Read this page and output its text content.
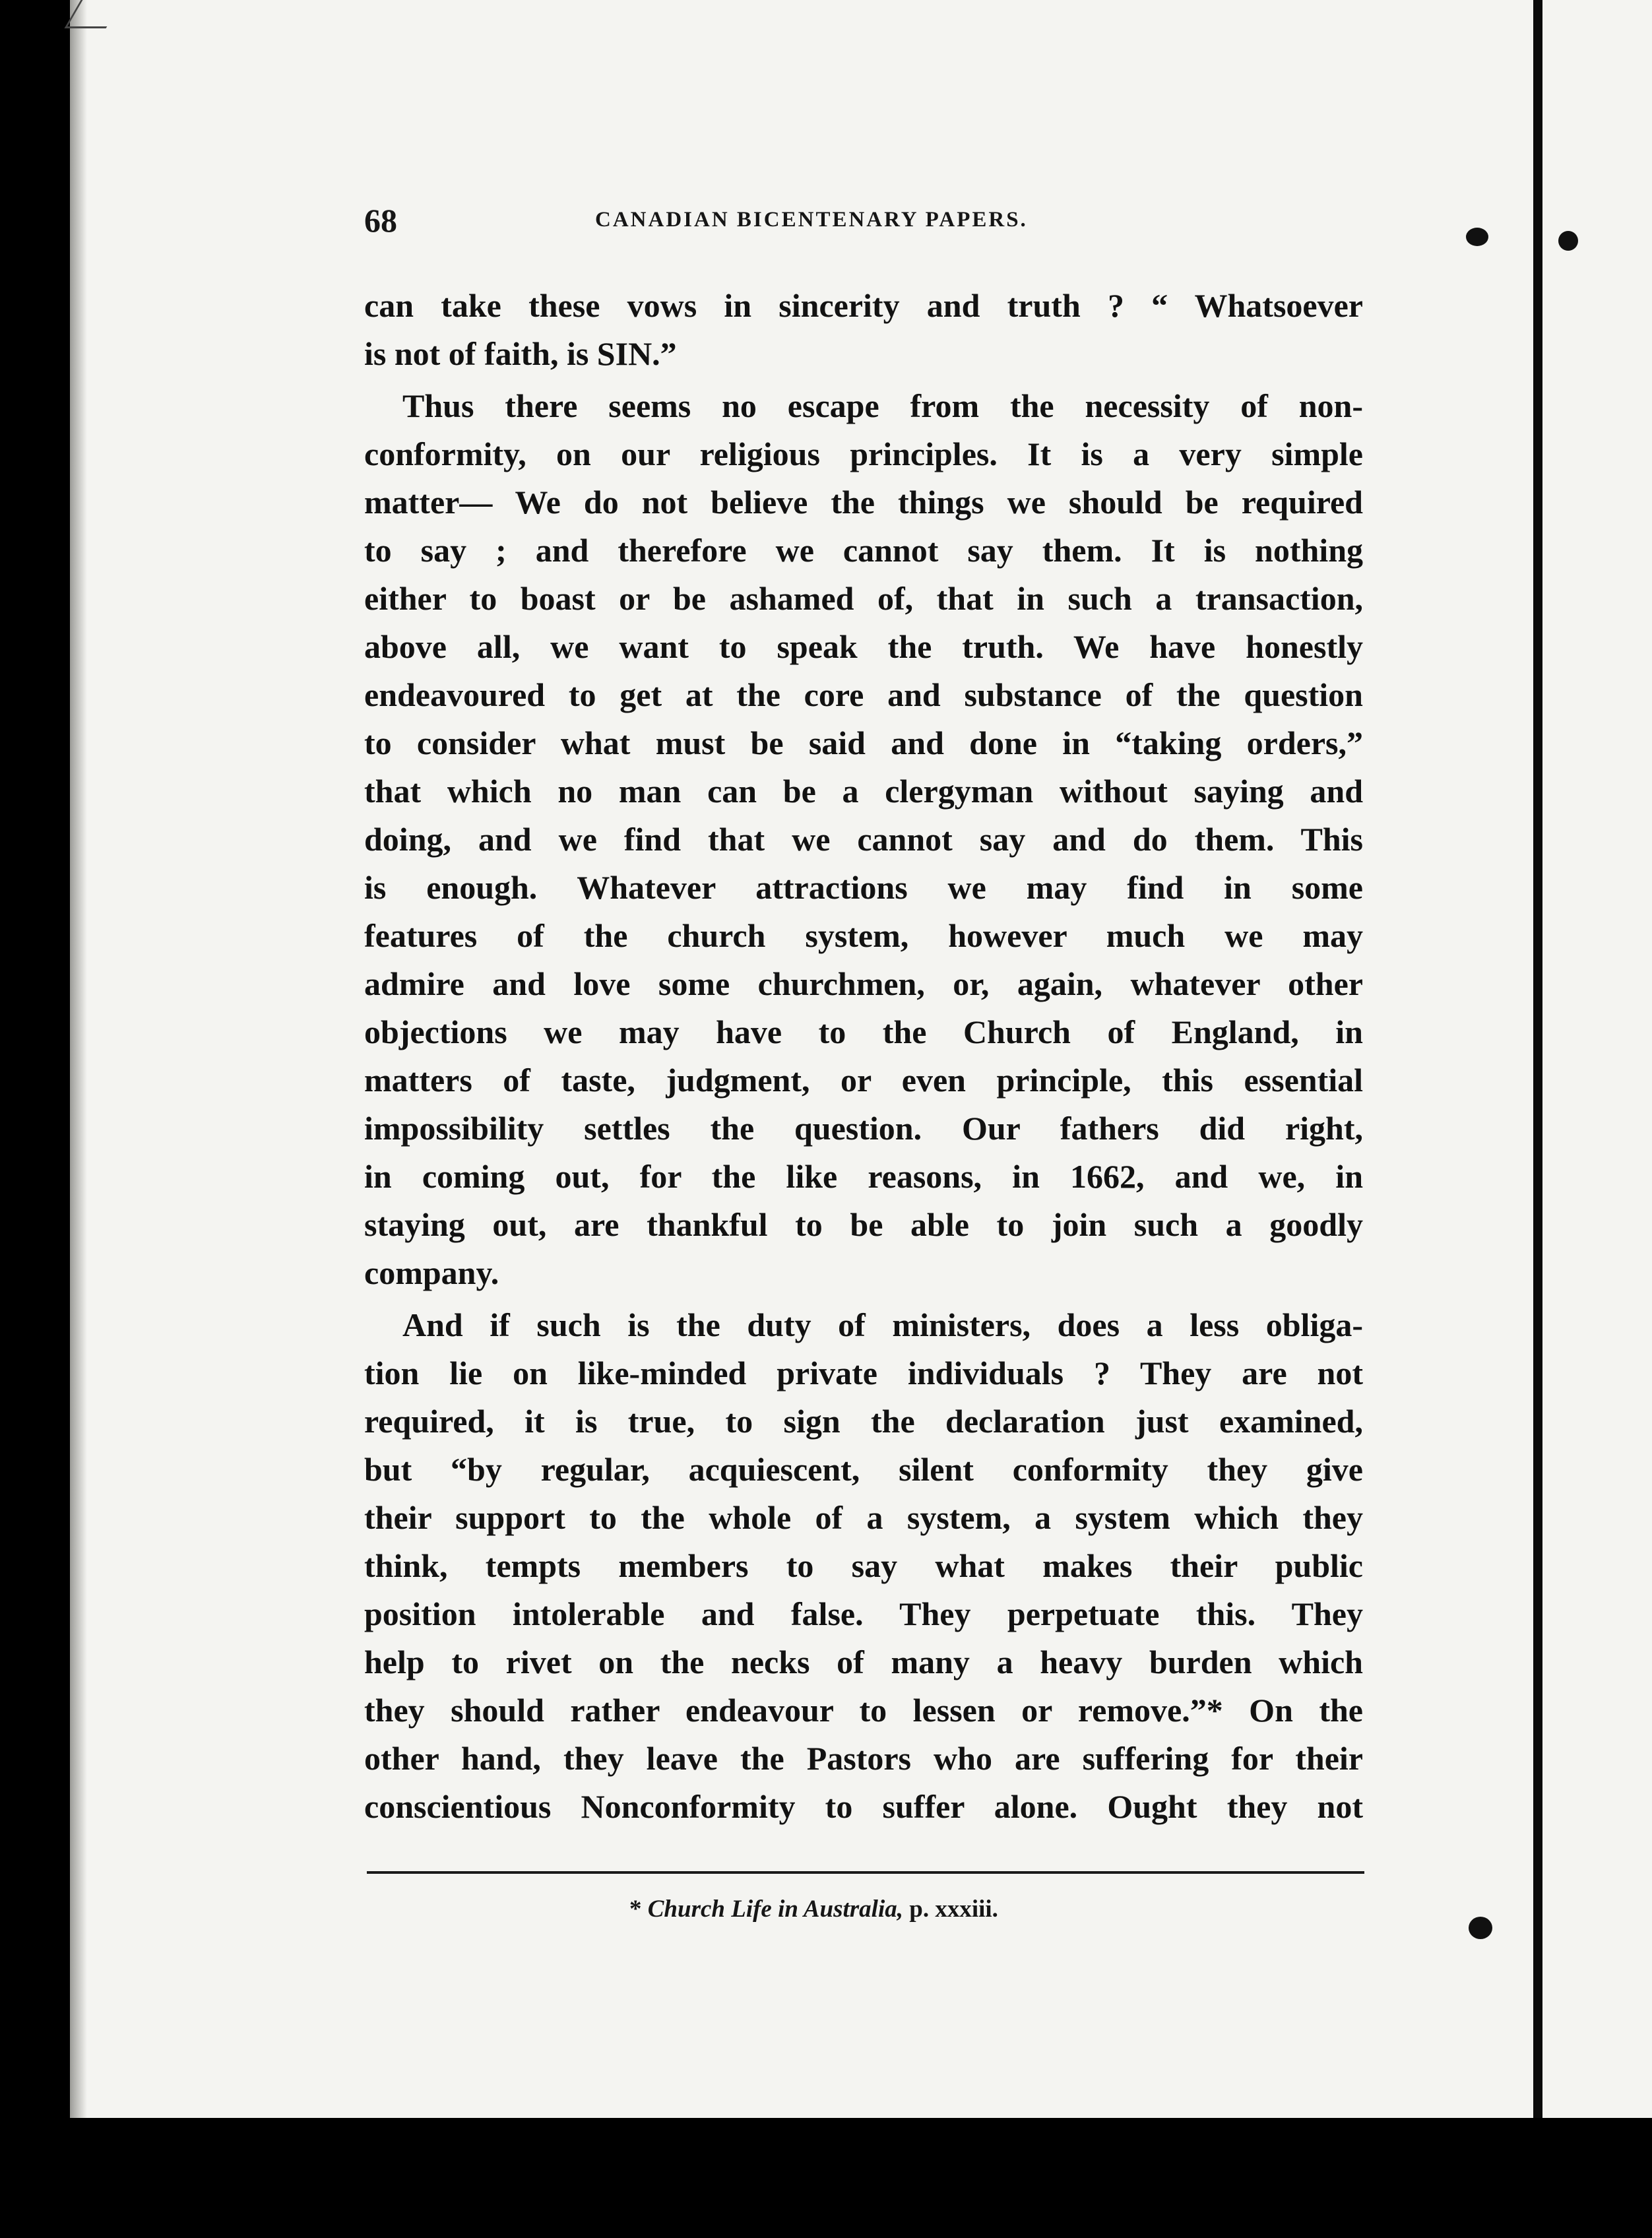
68	CANADIAN BICENTENARY PAPERS.
can take these vows in sincerity and truth ? “ Whatsoever
is not of faith, is SIN.”
Thus there seems no escape from the necessity of non-
conformity, on our religious principles. It is a very simple
matter— We do not believe the things we should be required
to say ; and therefore we cannot say them. It is nothing
either to boast or be ashamed of, that in such a transaction,
above all, we want to speak the truth. We have honestly
endeavoured to get at the core and substance of the question
to consider what must be said and done in “taking orders,”
that which no man can be a clergyman without saying and
doing, and we find that we cannot say and do them. This
is enough. Whatever attractions we may find in some
features of the church system, however much we may
admire and love some churchmen, or, again, whatever other
objections we may have to the Church of England, in
matters of taste, judgment, or even principle, this essential
impossibility settles the question. Our fathers did right,
in coming out, for the like reasons, in 1662, and we, in
staying out, are thankful to be able to join such a goodly
company.
And if such is the duty of ministers, does a less obliga-
tion lie on like-minded private individuals ? They are not
required, it is true, to sign the declaration just examined,
but “by regular, acquiescent, silent conformity they give
their support to the whole of a system, a system which they
think, tempts members to say what makes their public
position intolerable and false. They perpetuate this. They
help to rivet on the necks of many a heavy burden which
they should rather endeavour to lessen or remove.”* On the
other hand, they leave the Pastors who are suffering for their
conscientious Nonconformity to suffer alone. Ought they not
* Church Life in Australia, p. xxxiii.
